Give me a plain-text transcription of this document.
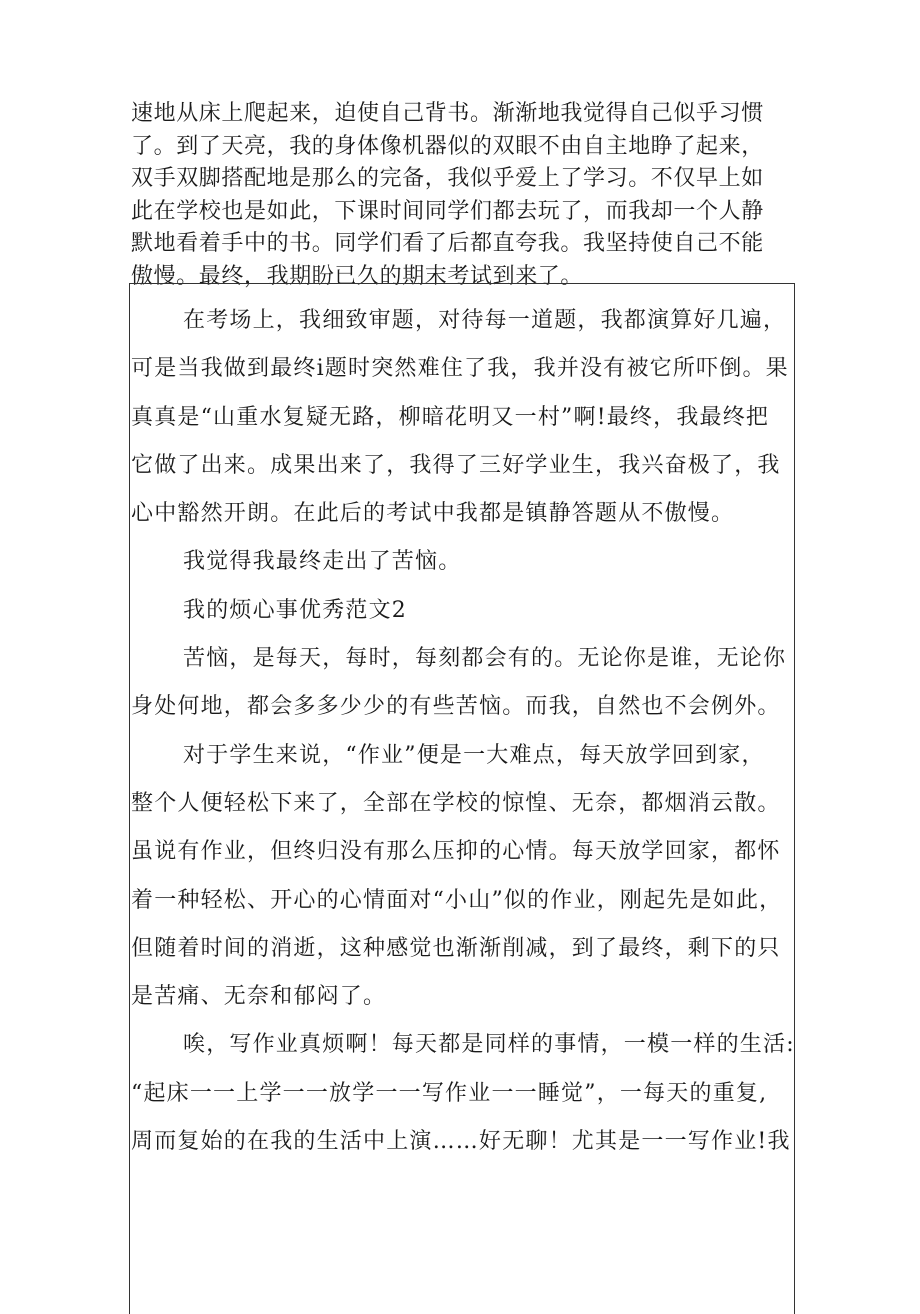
速地从床上爬起来，迫使自己背书。渐渐地我觉得自己似乎习惯
了。到了天亮，我的身体像机器似的双眼不由自主地睁了起来，
双手双脚搭配地是那么的完备，我似乎爱上了学习。不仅早上如
此在学校也是如此，下课时间同学们都去玩了，而我却一个人静
默地看着手中的书。同学们看了后都直夸我。我坚持使自己不能
傲慢。最终，我期盼已久的期末考试到来了。
在考场上，我细致审题，对待每一道题，我都演算好几遍，
可是当我做到最终i题时突然难住了我，我并没有被它所吓倒。果
真真是“山重水复疑无路，柳暗花明又一村”啊!最终，我最终把
它做了出来。成果出来了，我得了三好学业生，我兴奋极了，我
心中豁然开朗。在此后的考试中我都是镇静答题从不傲慢。
我觉得我最终走出了苦恼。
我的烦心事优秀范文2
苦恼，是每天，每时，每刻都会有的。无论你是谁，无论你
身处何地，都会多多少少的有些苦恼。而我，自然也不会例外。
对于学生来说，“作业”便是一大难点，每天放学回到家，
整个人便轻松下来了，全部在学校的惊惶、无奈，都烟消云散。
虽说有作业，但终归没有那么压抑的心情。每天放学回家，都怀
着一种轻松、开心的心情面对“小山”似的作业，刚起先是如此，
但随着时间的消逝，这种感觉也渐渐削减，到了最终，剩下的只
是苦痛、无奈和郁闷了。
唉，写作业真烦啊！每天都是同样的事情，一模一样的生活:
“起床一一上学一一放学一一写作业一一睡觉”，一每天的重复,
周而复始的在我的生活中上演……好无聊！尤其是一一写作业!我
